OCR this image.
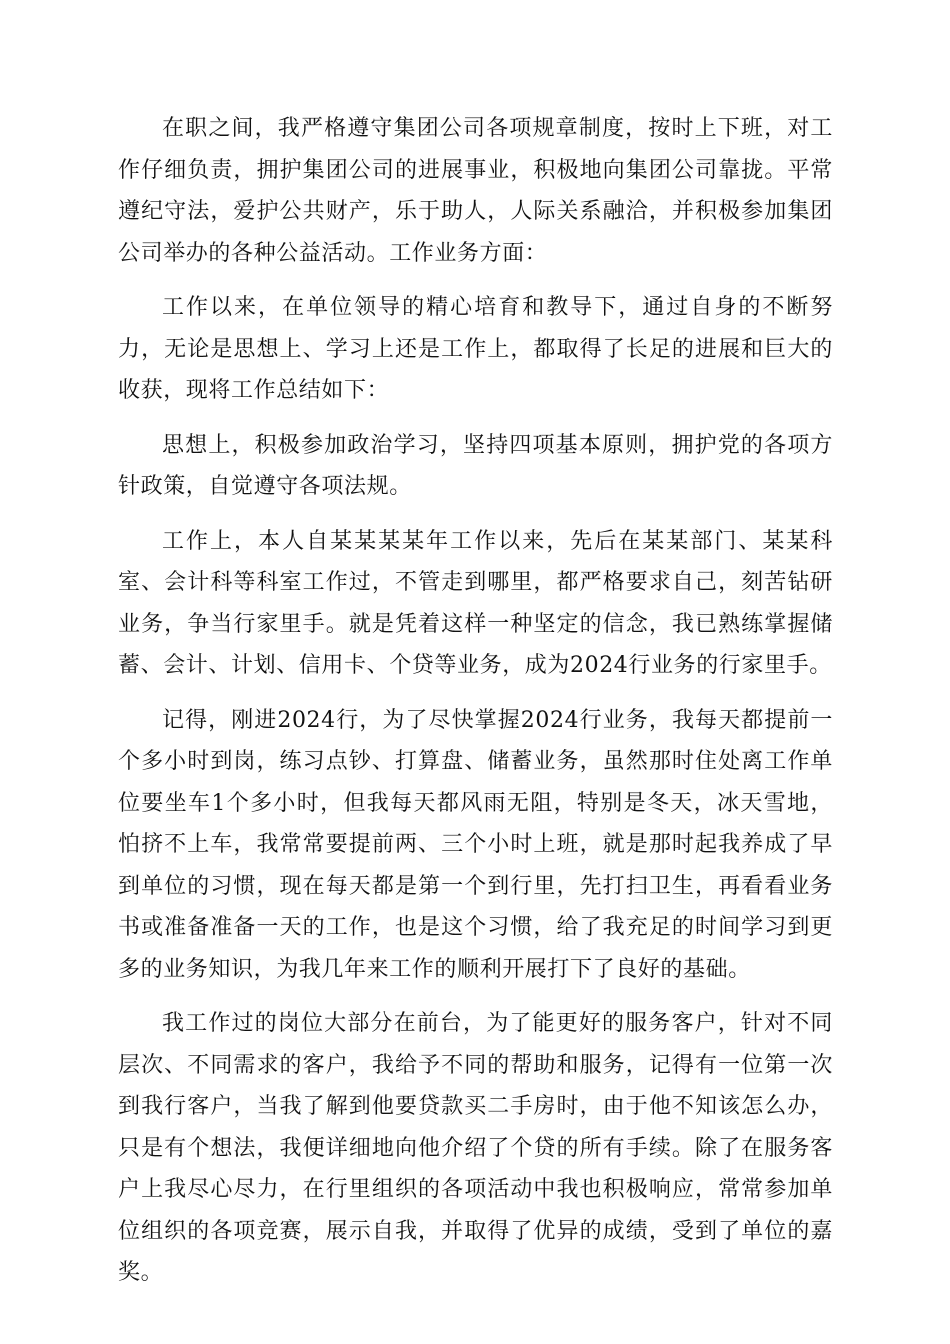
在职之间，我严格遵守集团公司各项规章制度，按时上下班，对工作仔细负责，拥护集团公司的进展事业，积极地向集团公司靠拢。平常遵纪守法，爱护公共财产，乐于助人，人际关系融洽，并积极参加集团公司举办的各种公益活动。工作业务方面：

工作以来，在单位领导的精心培育和教导下，通过自身的不断努力，无论是思想上、学习上还是工作上，都取得了长足的进展和巨大的收获，现将工作总结如下：

思想上，积极参加政治学习，坚持四项基本原则，拥护党的各项方针政策，自觉遵守各项法规。

工作上，本人自某某某某年工作以来，先后在某某部门、某某科室、会计科等科室工作过，不管走到哪里，都严格要求自己，刻苦钻研业务，争当行家里手。就是凭着这样一种坚定的信念，我已熟练掌握储蓄、会计、计划、信用卡、个贷等业务，成为2024行业务的行家里手。

记得，刚进2024行，为了尽快掌握2024行业务，我每天都提前一个多小时到岗，练习点钞、打算盘、储蓄业务，虽然那时住处离工作单位要坐车1个多小时，但我每天都风雨无阻，特别是冬天，冰天雪地，怕挤不上车，我常常要提前两、三个小时上班，就是那时起我养成了早到单位的习惯，现在每天都是第一个到行里，先打扫卫生，再看看业务书或准备准备一天的工作，也是这个习惯，给了我充足的时间学习到更多的业务知识，为我几年来工作的顺利开展打下了良好的基础。

我工作过的岗位大部分在前台，为了能更好的服务客户，针对不同层次、不同需求的客户，我给予不同的帮助和服务，记得有一位第一次到我行客户，当我了解到他要贷款买二手房时，由于他不知该怎么办，只是有个想法，我便详细地向他介绍了个贷的所有手续。除了在服务客户上我尽心尽力，在行里组织的各项活动中我也积极响应，常常参加单位组织的各项竞赛，展示自我，并取得了优异的成绩，受到了单位的嘉奖。
